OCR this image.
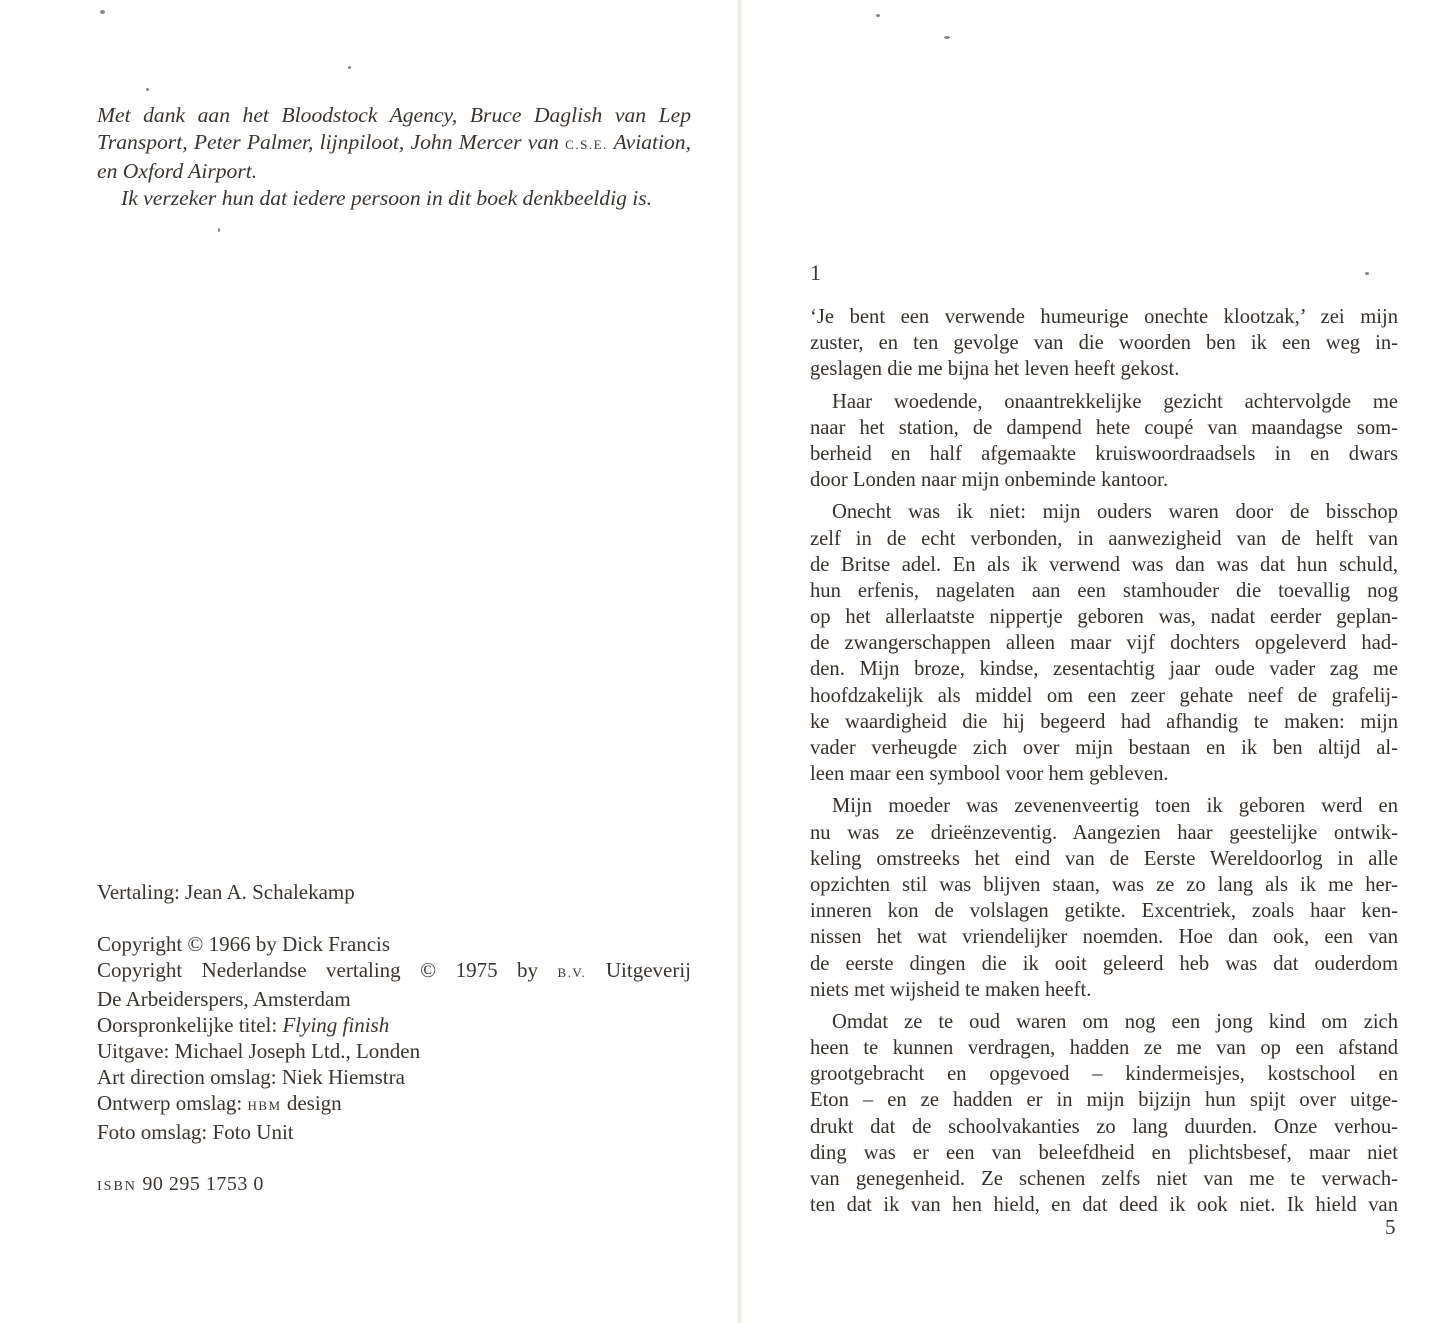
Met dank aan het Bloodstock Agency, Bruce Daglish van Lep Transport, Peter Palmer, lijnpiloot, John Mercer van C.S.E. Aviation, en Oxford Airport.

Ik verzeker hun dat iedere persoon in dit boek denkbeeldig is.

Vertaling: Jean A. Schalekamp
Copyright © 1966 by Dick Francis
Copyright Nederlandse vertaling © 1975 by B.V. Uitgeverij
De Arbeiderspers, Amsterdam
Oorspronkelijke titel: Flying finish
Uitgave: Michael Joseph Ltd., Londen
Art direction omslag: Niek Hiemstra
Ontwerp omslag: HBM design
Foto omslag: Foto Unit
ISBN 90 295 1753 0
1
‘Je bent een verwende humeurige onechte klootzak,’ zei mijn
zuster, en ten gevolge van die woorden ben ik een weg in-
geslagen die me bijna het leven heeft gekost.
Haar woedende, onaantrekkelijke gezicht achtervolgde me
naar het station, de dampend hete coupé van maandagse som-
berheid en half afgemaakte kruiswoordraadsels in en dwars
door Londen naar mijn onbeminde kantoor.
Onecht was ik niet: mijn ouders waren door de bisschop
zelf in de echt verbonden, in aanwezigheid van de helft van
de Britse adel. En als ik verwend was dan was dat hun schuld,
hun erfenis, nagelaten aan een stamhouder die toevallig nog
op het allerlaatste nippertje geboren was, nadat eerder geplan-
de zwangerschappen alleen maar vijf dochters opgeleverd had-
den. Mijn broze, kindse, zesentachtig jaar oude vader zag me
hoofdzakelijk als middel om een zeer gehate neef de grafelij-
ke waardigheid die hij begeerd had afhandig te maken: mijn
vader verheugde zich over mijn bestaan en ik ben altijd al-
leen maar een symbool voor hem gebleven.
Mijn moeder was zevenenveertig toen ik geboren werd en
nu was ze drieënzeventig. Aangezien haar geestelijke ontwik-
keling omstreeks het eind van de Eerste Wereldoorlog in alle
opzichten stil was blijven staan, was ze zo lang als ik me her-
inneren kon de volslagen getikte. Excentriek, zoals haar ken-
nissen het wat vriendelijker noemden. Hoe dan ook, een van
de eerste dingen die ik ooit geleerd heb was dat ouderdom
niets met wijsheid te maken heeft.
Omdat ze te oud waren om nog een jong kind om zich
heen te kunnen verdragen, hadden ze me van op een afstand
grootgebracht en opgevoed – kindermeisjes, kostschool en
Eton – en ze hadden er in mijn bijzijn hun spijt over uitge-
drukt dat de schoolvakanties zo lang duurden. Onze verhou-
ding was er een van beleefdheid en plichtsbesef, maar niet
van genegenheid. Ze schenen zelfs niet van me te verwach-
ten dat ik van hen hield, en dat deed ik ook niet. Ik hield van
5
